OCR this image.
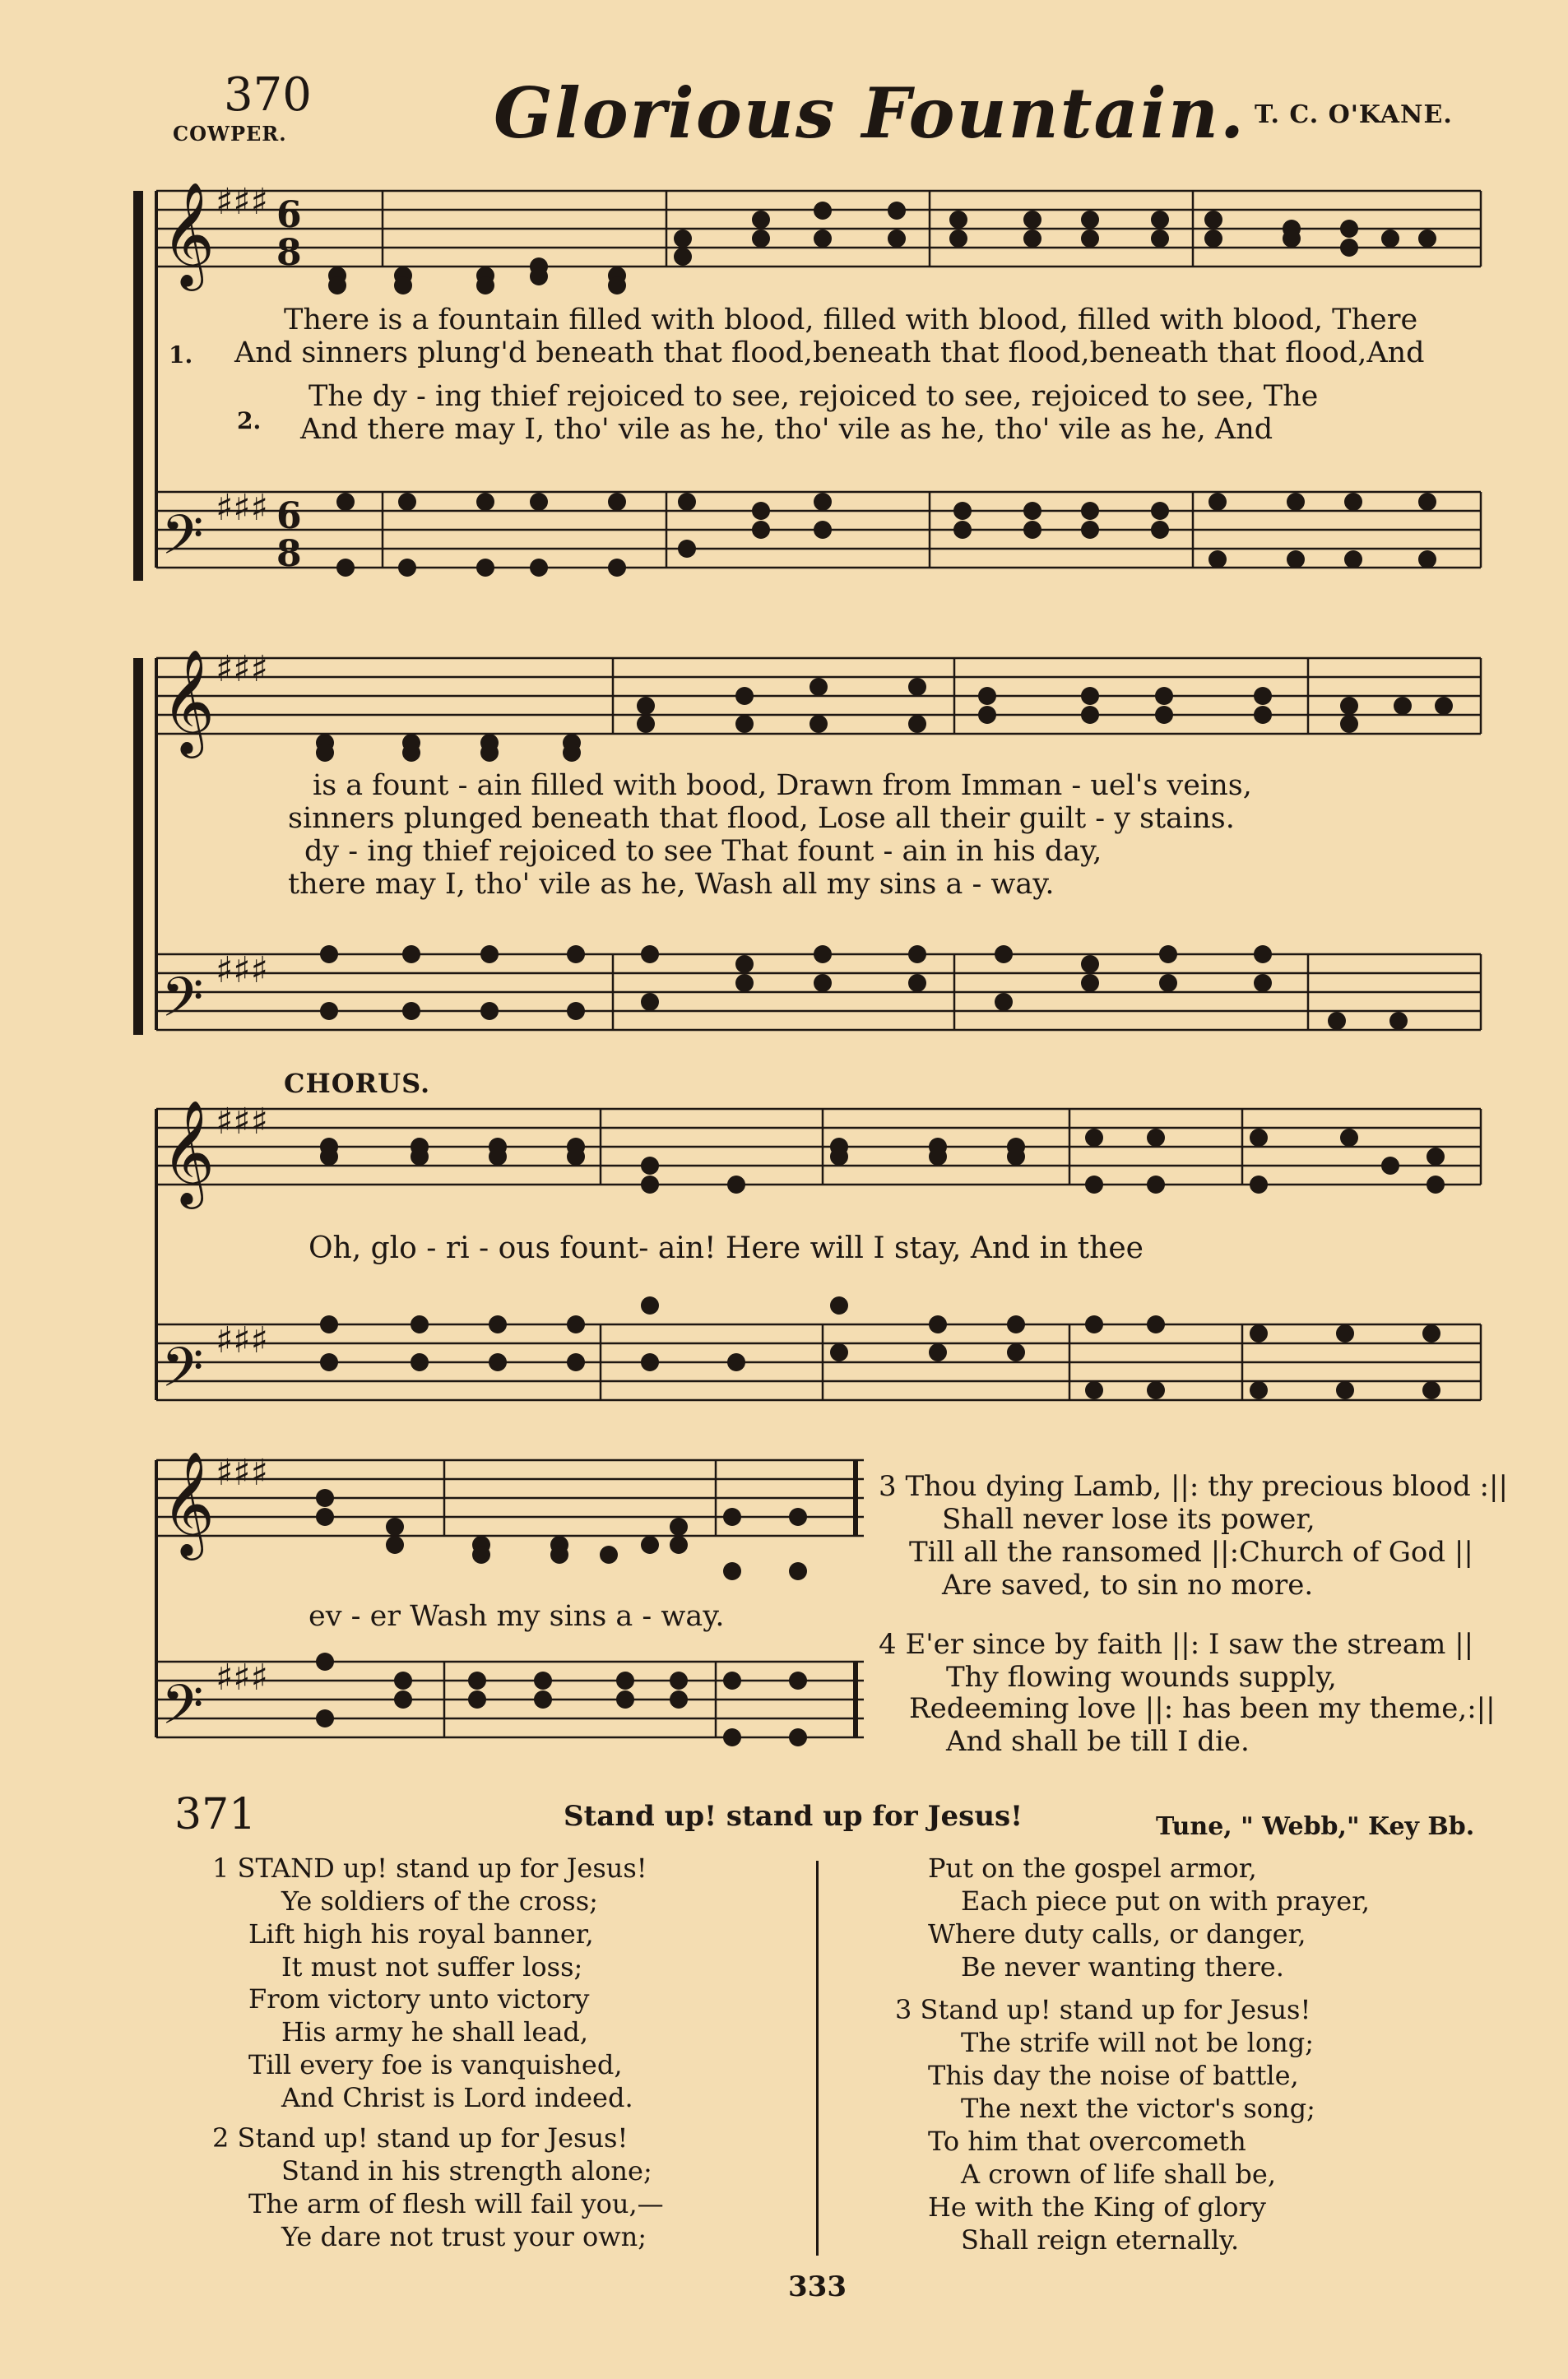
370
COWPER.	Glorious Fountain. T. C. O'KANE.
𝄞
𝄢
𝄞
𝄢
𝄞
𝄢
𝄞
𝄢
♯♯♯
♯♯♯
♯♯♯
♯♯♯
♯♯♯
♯♯♯
♯♯♯
♯♯♯
6
8
6
8
1.
2.
There is a fountain filled with blood, filled with blood, filled with blood, There
And sinners plung'd beneath that flood,beneath that flood,beneath that flood,And
The dy - ing thief rejoiced to see, rejoiced to see, rejoiced to see, The
And there may I, tho' vile as he, tho' vile as he, tho' vile as he, And
is a fount - ain filled with bood, Drawn from Imman - uel's veins,
sinners plunged beneath that flood, Lose all their guilt - y stains.
dy - ing thief rejoiced to see That fount - ain in his day,
there may I, tho' vile as he, Wash all my sins a - way.
CHORUS.
Oh, glo - ri - ous fount- ain! Here will I stay, And in thee
ev - er Wash my sins a - way.
3 Thou dying Lamb, ||: thy precious blood :||
Shall never lose its power,
Till all the ransomed ||:Church of God ||
Are saved, to sin no more.
4 E'er since by faith ||: I saw the stream ||
Thy flowing wounds supply,
Redeeming love ||: has been my theme,:||
And shall be till I die.
371	Stand up! stand up for Jesus!	Tune, " Webb," Key Bb.
1 STAND up! stand up for Jesus!
Ye soldiers of the cross;
Lift high his royal banner,
It must not suffer loss;
From victory unto victory
His army he shall lead,
Till every foe is vanquished,
And Christ is Lord indeed.
2 Stand up! stand up for Jesus!
Stand in his strength alone;
The arm of flesh will fail you,—
Ye dare not trust your own;
Put on the gospel armor,
Each piece put on with prayer,
Where duty calls, or danger,
Be never wanting there.
3 Stand up! stand up for Jesus!
The strife will not be long;
This day the noise of battle,
The next the victor's song;
To him that overcometh
A crown of life shall be,
He with the King of glory
Shall reign eternally.
333
